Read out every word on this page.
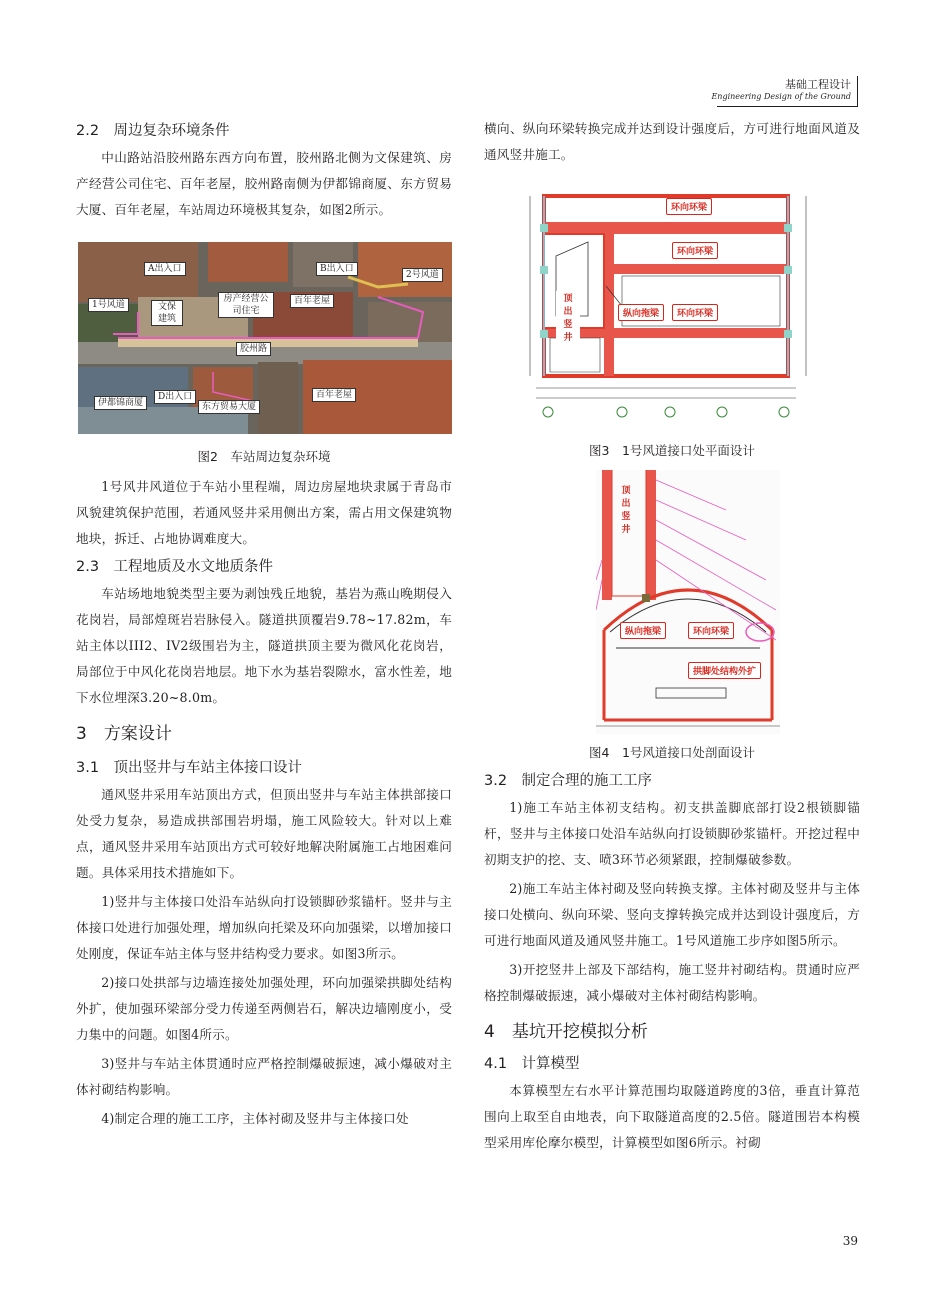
基础工程设计
Engineering Design of the Ground
2.2　周边复杂环境条件
中山路站沿胶州路东西方向布置，胶州路北侧为文保建筑、房产经营公司住宅、百年老屋，胶州路南侧为伊都锦商厦、东方贸易大厦、百年老屋，车站周边环境极其复杂，如图2所示。
A出入口	B出入口
2号风道
1号风道	文保建筑
房产经营公司住宅
百年老屋
胶州路
D出入口
伊都锦商厦	东方贸易大厦
百年老屋
图2　车站周边复杂环境
1号风井风道位于车站小里程端，周边房屋地块隶属于青岛市风貌建筑保护范围，若通风竖井采用侧出方案，需占用文保建筑物地块，拆迁、占地协调难度大。
2.3　工程地质及水文地质条件
车站场地地貌类型主要为剥蚀残丘地貌，基岩为燕山晚期侵入花岗岩，局部煌斑岩岩脉侵入。隧道拱顶覆岩9.78~17.82m，车站主体以III2、IV2级围岩为主，隧道拱顶主要为微风化花岗岩，局部位于中风化花岗岩地层。地下水为基岩裂隙水，富水性差，地下水位埋深3.20~8.0m。
3　方案设计
3.1　顶出竖井与车站主体接口设计
通风竖井采用车站顶出方式，但顶出竖井与车站主体拱部接口处受力复杂，易造成拱部围岩坍塌，施工风险较大。针对以上难点，通风竖井采用车站顶出方式可较好地解决附属施工占地困难问题。具体采用技术措施如下。
1)竖井与主体接口处沿车站纵向打设锁脚砂浆锚杆。竖井与主体接口处进行加强处理，增加纵向托梁及环向加强梁，以增加接口处刚度，保证车站主体与竖井结构受力要求。如图3所示。
2)接口处拱部与边墙连接处加强处理，环向加强梁拱脚处结构外扩，使加强环梁部分受力传递至两侧岩石，解决边墙刚度小，受力集中的问题。如图4所示。
3)竖井与车站主体贯通时应严格控制爆破振速，减小爆破对主体衬砌结构影响。
4)制定合理的施工工序，主体衬砌及竖井与主体接口处
横向、纵向环梁转换完成并达到设计强度后，方可进行地面风道及通风竖井施工。
环向环梁
环向环梁
环向环梁
顶出竖井
纵向拖梁
图3　1号风道接口处平面设计
顶出竖井
纵向拖梁	环向环梁
拱脚处结构外扩
图4　1号风道接口处剖面设计
3.2　制定合理的施工工序
1)施工车站主体初支结构。初支拱盖脚底部打设2根锁脚锚杆，竖井与主体接口处沿车站纵向打设锁脚砂浆锚杆。开挖过程中初期支护的挖、支、喷3环节必须紧跟，控制爆破参数。
2)施工车站主体衬砌及竖向转换支撑。主体衬砌及竖井与主体接口处横向、纵向环梁、竖向支撑转换完成并达到设计强度后，方可进行地面风道及通风竖井施工。1号风道施工步序如图5所示。
3)开挖竖井上部及下部结构，施工竖井衬砌结构。贯通时应严格控制爆破振速，减小爆破对主体衬砌结构影响。
4　基坑开挖模拟分析
4.1　计算模型
本算模型左右水平计算范围均取隧道跨度的3倍，垂直计算范围向上取至自由地表，向下取隧道高度的2.5倍。隧道围岩本构模型采用库伦摩尔模型，计算模型如图6所示。衬砌
39
